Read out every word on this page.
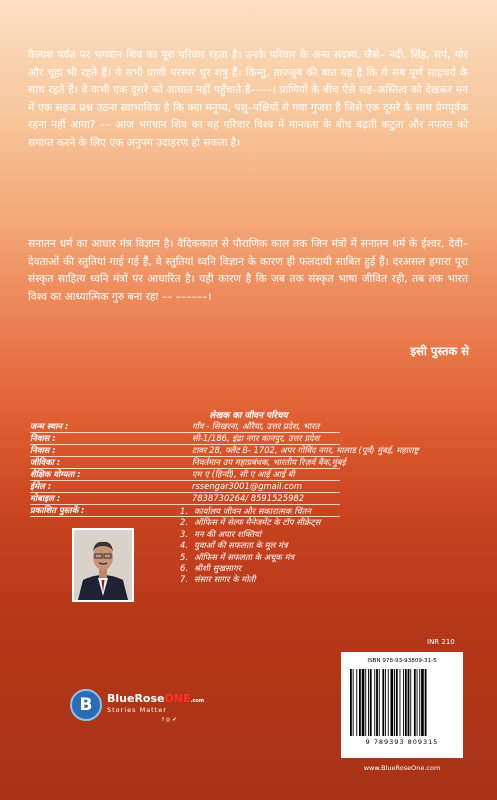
कैलाश पर्वत पर भगवान शिव का पूरा परिवार रहता है। उनके परिवार के अन्य सदस्य, जैसे– नंदी, सिंह, सर्प, मोर और चूहा भी रहते हैं। ये सभी प्राणी परस्पर धुर शत्रु हैं। किन्तु, ताज्जुब की बात यह है कि ये सब पूर्ण साहचर्य के साथ रहते हैं। वे कभी एक दूसरे को आघात नहीं पहुँचाते हैं––––। प्राणियों के बीच ऐसे सह–अस्तित्व को देखकर मन में एक सहज प्रश्न उठना स्वाभाविक है कि क्या मनुष्य, पशु–पक्षियों से गया गुजरा है जिसे एक दूसरे के साथ प्रेमपूर्वक रहना नहीं आया? –– आज भगवान शिव का यह परिवार विश्व में मानवता के बीच बढ़ती कटुता और नफरत को समाप्त करने के लिए एक अनुपम उदाहरण हो सकता है।
सनातन धर्म का आधार मंत्र विज्ञान है। वैदिककाल से पौराणिक काल तक जिन मंत्रों में सनातन धर्म के ईश्वर, देवी–देवताओं की स्तुतियां गाई गई हैं, वे स्तुतियां ध्वनि विज्ञान के कारण ही फलदायी साबित हुई हैं। दरअसल हमारा पूरा संस्कृत साहित्य ध्वनि मंत्रों पर आधारित है। यही कारण है कि जब तक संस्कृत भाषा जीवित रही, तब तक भारत विश्व का आध्यात्मिक गुरु बना रहा –– ––––––।
इसी पुस्तक से
लेखक का जीवन परिचय
जन्म स्थान :	गाँव - सिखरना, औरैया, उत्तर प्रदेश, भारत
निवास :	सी-1/186, इंद्रा नगर कानपुर, उत्तर प्रदेश
निवास :	टावर 28, फ्लैट B- 1702, अपर गोविंद नगर, मालाड (पूर्व) मुंबई, महाराष्ट्र
जीविका :	निवर्तमान उप महाप्रबंधक, भारतीय रिज़र्व बैंक,मुंबई
शैक्षिक योग्यता :	एम ए (हिन्दी), सी ए आई आई बी
ईमेल :	rssengar3001@gmail.com
मोबाइल :	7838730264/ 8591525982
प्रकाशित पुस्तकें :	1. कार्यालय जीवन और सकारात्मक चिंतन
2. ऑफिस में सेल्फ मैनेजमेंट के टॉप सीक्रेट्स
3. मन की अपार शक्तियां
4. युवाओं की सफलता के मूल मंत्र
5. ऑफिस में सफलता के अचूक मंत्र
6. श्रीशी सुखसागर
7. संसार सागर के मोती
B	BlueRoseONE.com
Stories Matter
f ◎ ✔
INR 210
ISBN 978-93-93809-31-5
9 789393 809315
SELF-HELP
www.BlueRoseOne.com
